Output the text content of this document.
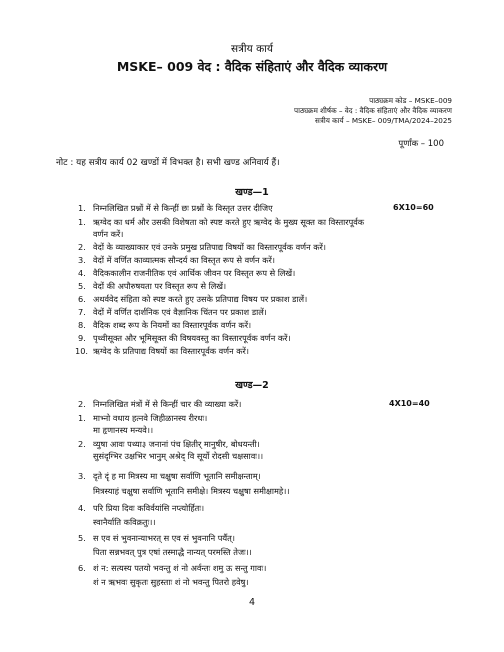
सत्रीय कार्य
MSKE– 009 वेद : वैदिक संहिताएं और वैदिक व्याकरण
पाठ्यक्रम कोड – MSKE–009
पाठ्यक्रम शीर्षक – वेद : वैदिक संहिताएं और वैदिक व्याकरण
सत्रीय कार्य – MSKE– 009/TMA/2024–2025
पूर्णांक – 100
नोट : यह सत्रीय कार्य 02 खण्डों में विभक्त है। सभी खण्ड अनिवार्य हैं।
खण्ड—1
1. निम्नलिखित प्रश्नों में से किन्हीं छः प्रश्नों के विस्तृत उत्तर दीजिए	6X10=60
1. ऋग्वेद का धर्म और उसकी विशेषता को स्पष्ट करते हुए ऋग्वेद के मुख्य सूक्त का विस्तारपूर्वक
वर्णन करें।
2. वेदों के व्याख्याकार एवं उनके प्रमुख प्रतिपाद्य विषयों का विस्तारपूर्वक वर्णन करें।
3. वेदों में वर्णित काव्यात्मक सौन्दर्य का विस्तृत रूप से वर्णन करें।
4. वैदिककालीन राजनीतिक एवं आर्थिक जीवन पर विस्तृत रूप से लिखें।
5. वेदों की अपौरुषयता पर विस्तृत रूप से लिखें।
6. अथर्ववेद संहिता को स्पष्ट करते हुए उसके प्रतिपाद्य विषय पर प्रकाश डालें।
7. वेदों में वर्णित दार्शनिक एवं वैज्ञानिक चिंतन पर प्रकाश डालें।
8. वैदिक शब्द रूप के नियमों का विस्तारपूर्वक वर्णन करें।
9. पृथ्वीसूक्त और भूमिसूक्त की विषयवस्तु का विस्तारपूर्वक वर्णन करें।
10. ऋग्वेद के प्रतिपाद्य विषयों का विस्तारपूर्वक वर्णन करें।
खण्ड—2
2. निम्नलिखित मंत्रों में से किन्हीं चार की व्याख्या करें।	4X10=40
1. माभ्नो वधाय हत्नवे जिहीळानस्य रीरधः।
मा हृणानस्य मन्यवे।।
2. व्युषा आवः पथ्या३ जनानां पंच क्षितीर् मानुषीर, बोधयन्ती।
सुसंदृग्भिर उक्षभिर भानुम् अश्रेद् वि सूर्यो रोदसी चक्षसावः।।
3. दृते दृं ह मा मित्रस्य मा चक्षुषा सर्वाणि भूतानि समीक्षन्ताम्।
मित्रस्याहं चक्षुषा सर्वाणि भूतानि समीक्षे। मित्रस्य चक्षुषा समीक्षामहे।।
4. परि प्रिया दिवः कविर्वयांसि नप्त्योर्हितः।
स्वानैर्याति कविक्रतुः।।
5. स एव सं भुवनान्याभरत् स एव सं भुवनानि पर्यैत्।
पिता सन्नभवत् पुत्र एषां तस्माद्धै नान्यत् परमस्ति तेजः।।
6. शं न: सत्यस्य पतयो भवन्तु शं नो अर्वन्तः शमु ऊ सन्तु गावः।
शं न ऋभवः सुकृतः सुहस्ताः शं नो भवन्तु पितरो हवेषु।
4
